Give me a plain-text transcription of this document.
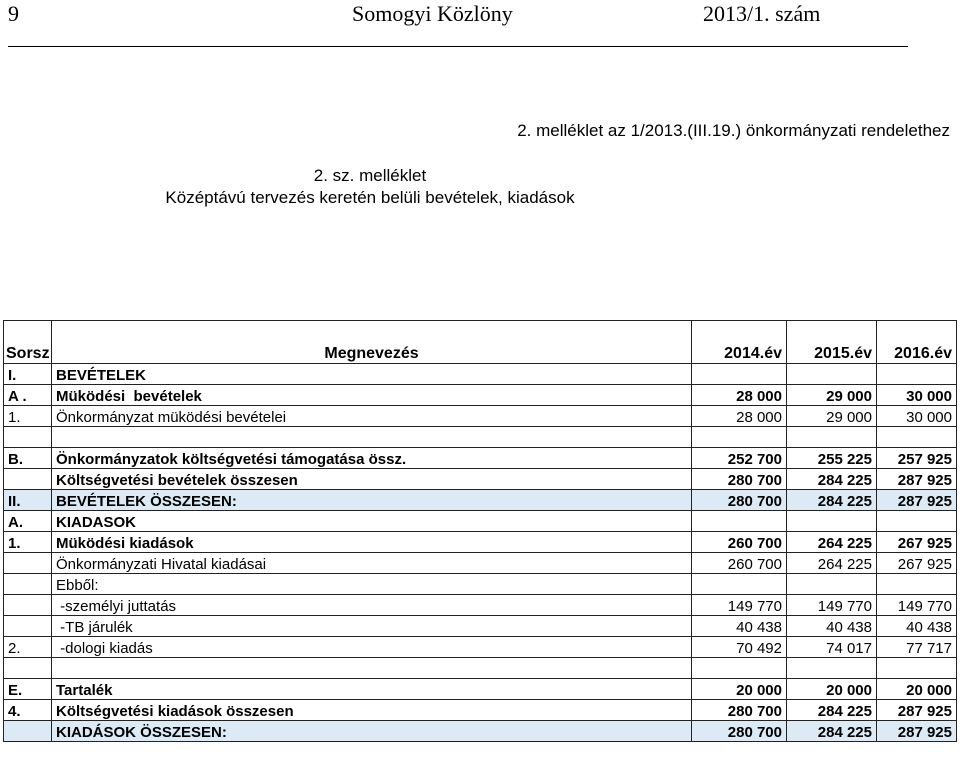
9	Somogyi Közlöny	2013/1. szám
2. melléklet az 1/2013.(III.19.) önkormányzati rendelethez
2. sz. melléklet
Középtávú tervezés keretén belüli bevételek, kiadások
Sorsz	Megnevezés	2014.év	2015.év	2016.év
I.	BEVÉTELEK			
A .	Müködési  bevételek	28 000	29 000	30 000
1.	Önkormányzat müködési bevételei	28 000	29 000	30 000

B.	Önkormányzatok költségvetési támogatása össz.	252 700	255 225	257 925
	Költségvetési bevételek összesen	280 700	284 225	287 925
II.	BEVÉTELEK ÖSSZESEN:	280 700	284 225	287 925
A.	KIADASOK			
1.	Müködési kiadások	260 700	264 225	267 925
	Önkormányzati Hivatal kiadásai	260 700	264 225	267 925
	Ebből:			
	-személyi juttatás	149 770	149 770	149 770
	-TB járulék	40 438	40 438	40 438
2.	-dologi kiadás	70 492	74 017	77 717

E.	Tartalék	20 000	20 000	20 000
4.	Költségvetési kiadások összesen	280 700	284 225	287 925
	KIADÁSOK ÖSSZESEN:	280 700	284 225	287 925
